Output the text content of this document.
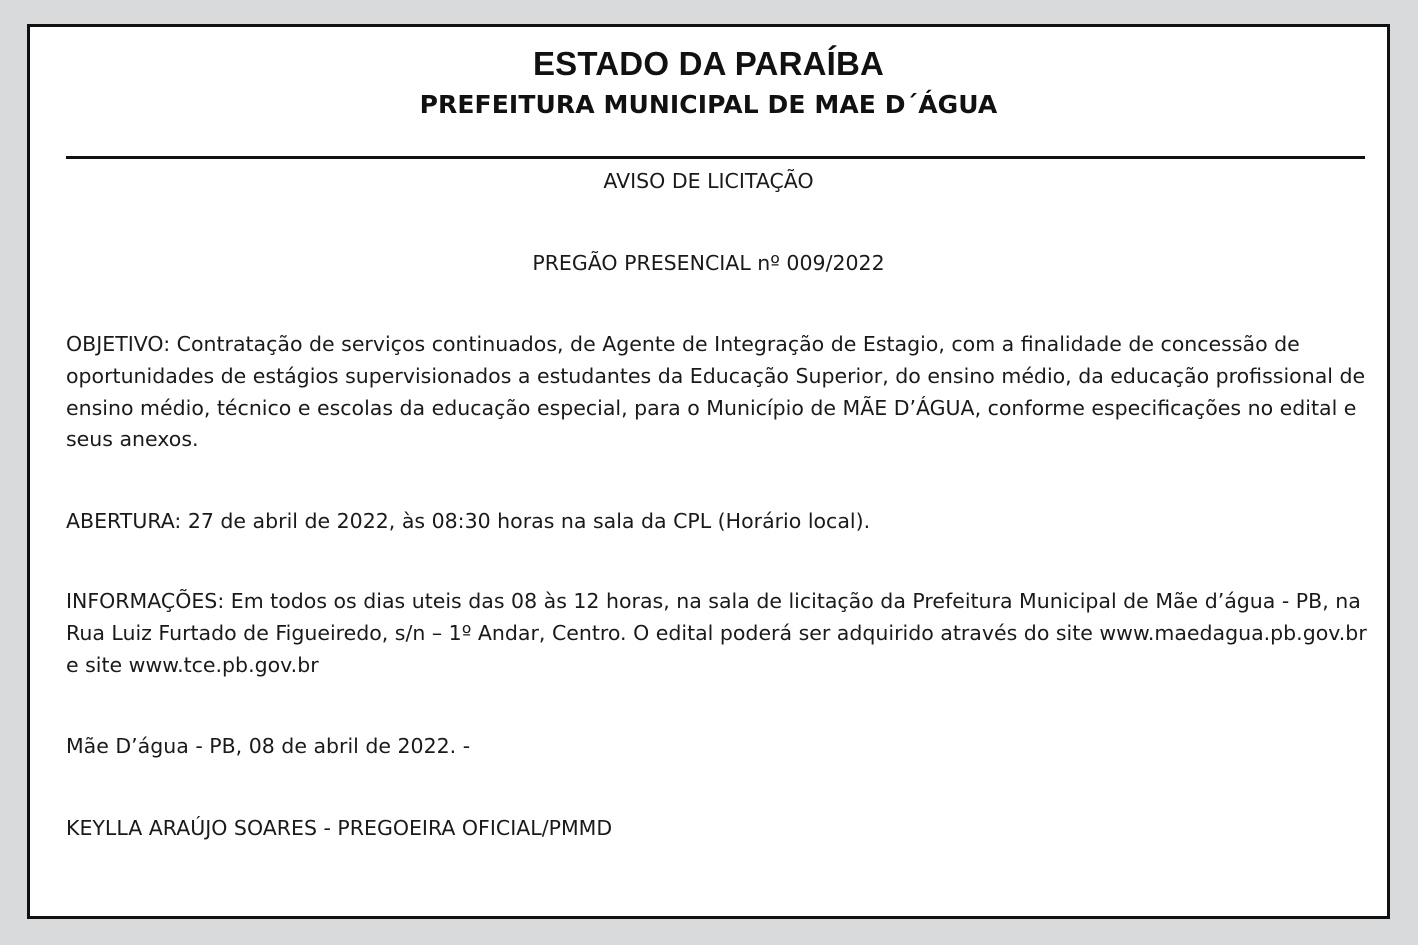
ESTADO DA PARAÍBA
PREFEITURA MUNICIPAL DE MAE D´ÁGUA
AVISO DE LICITAÇÃO
PREGÃO PRESENCIAL nº 009/2022
OBJETIVO: Contratação de serviços continuados, de Agente de Integração de Estagio, com a finalidade de concessão de
oportunidades de estágios supervisionados a estudantes da Educação Superior, do ensino médio, da educação profissional de
ensino médio, técnico e escolas da educação especial, para o Município de MÃE D’ÁGUA, conforme especificações no edital e
seus anexos.
ABERTURA: 27 de abril de 2022, às 08:30 horas na sala da CPL (Horário local).
INFORMAÇÕES: Em todos os dias uteis das 08 às 12 horas, na sala de licitação da Prefeitura Municipal de Mãe d’água - PB, na
Rua Luiz Furtado de Figueiredo, s/n – 1º Andar, Centro. O edital poderá ser adquirido através do site www.maedagua.pb.gov.br
e site www.tce.pb.gov.br
Mãe D’água - PB, 08 de abril de 2022. -
KEYLLA ARAÚJO SOARES - PREGOEIRA OFICIAL/PMMD
